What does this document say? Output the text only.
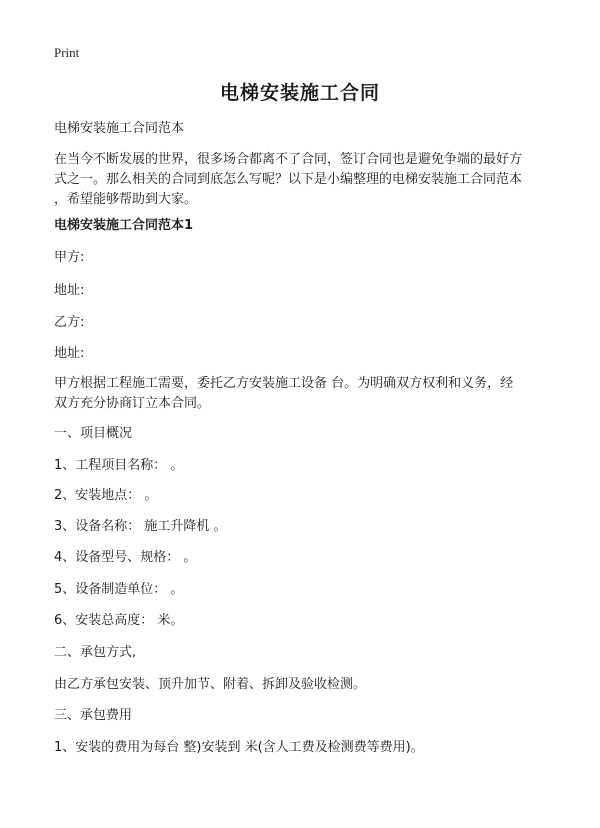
Print
电梯安装施工合同
电梯安装施工合同范本
在当今不断发展的世界，很多场合都离不了合同，签订合同也是避免争端的最好方
式之一。那么相关的合同到底怎么写呢？以下是小编整理的电梯安装施工合同范本
，希望能够帮助到大家。
电梯安装施工合同范本1
甲方:
地址:
乙方:
地址:
甲方根据工程施工需要，委托乙方安装施工设备 台。为明确双方权利和义务，经
双方充分协商订立本合同。
一、项目概况
1、工程项目名称： 。
2、安装地点： 。
3、设备名称： 施工升降机 。
4、设备型号、规格： 。
5、设备制造单位： 。
6、安装总高度： 米。
二、承包方式,
由乙方承包安装、顶升加节、附着、拆卸及验收检测。
三、承包费用
1、安装的费用为每台 整)安装到 米(含人工费及检测费等费用)。
